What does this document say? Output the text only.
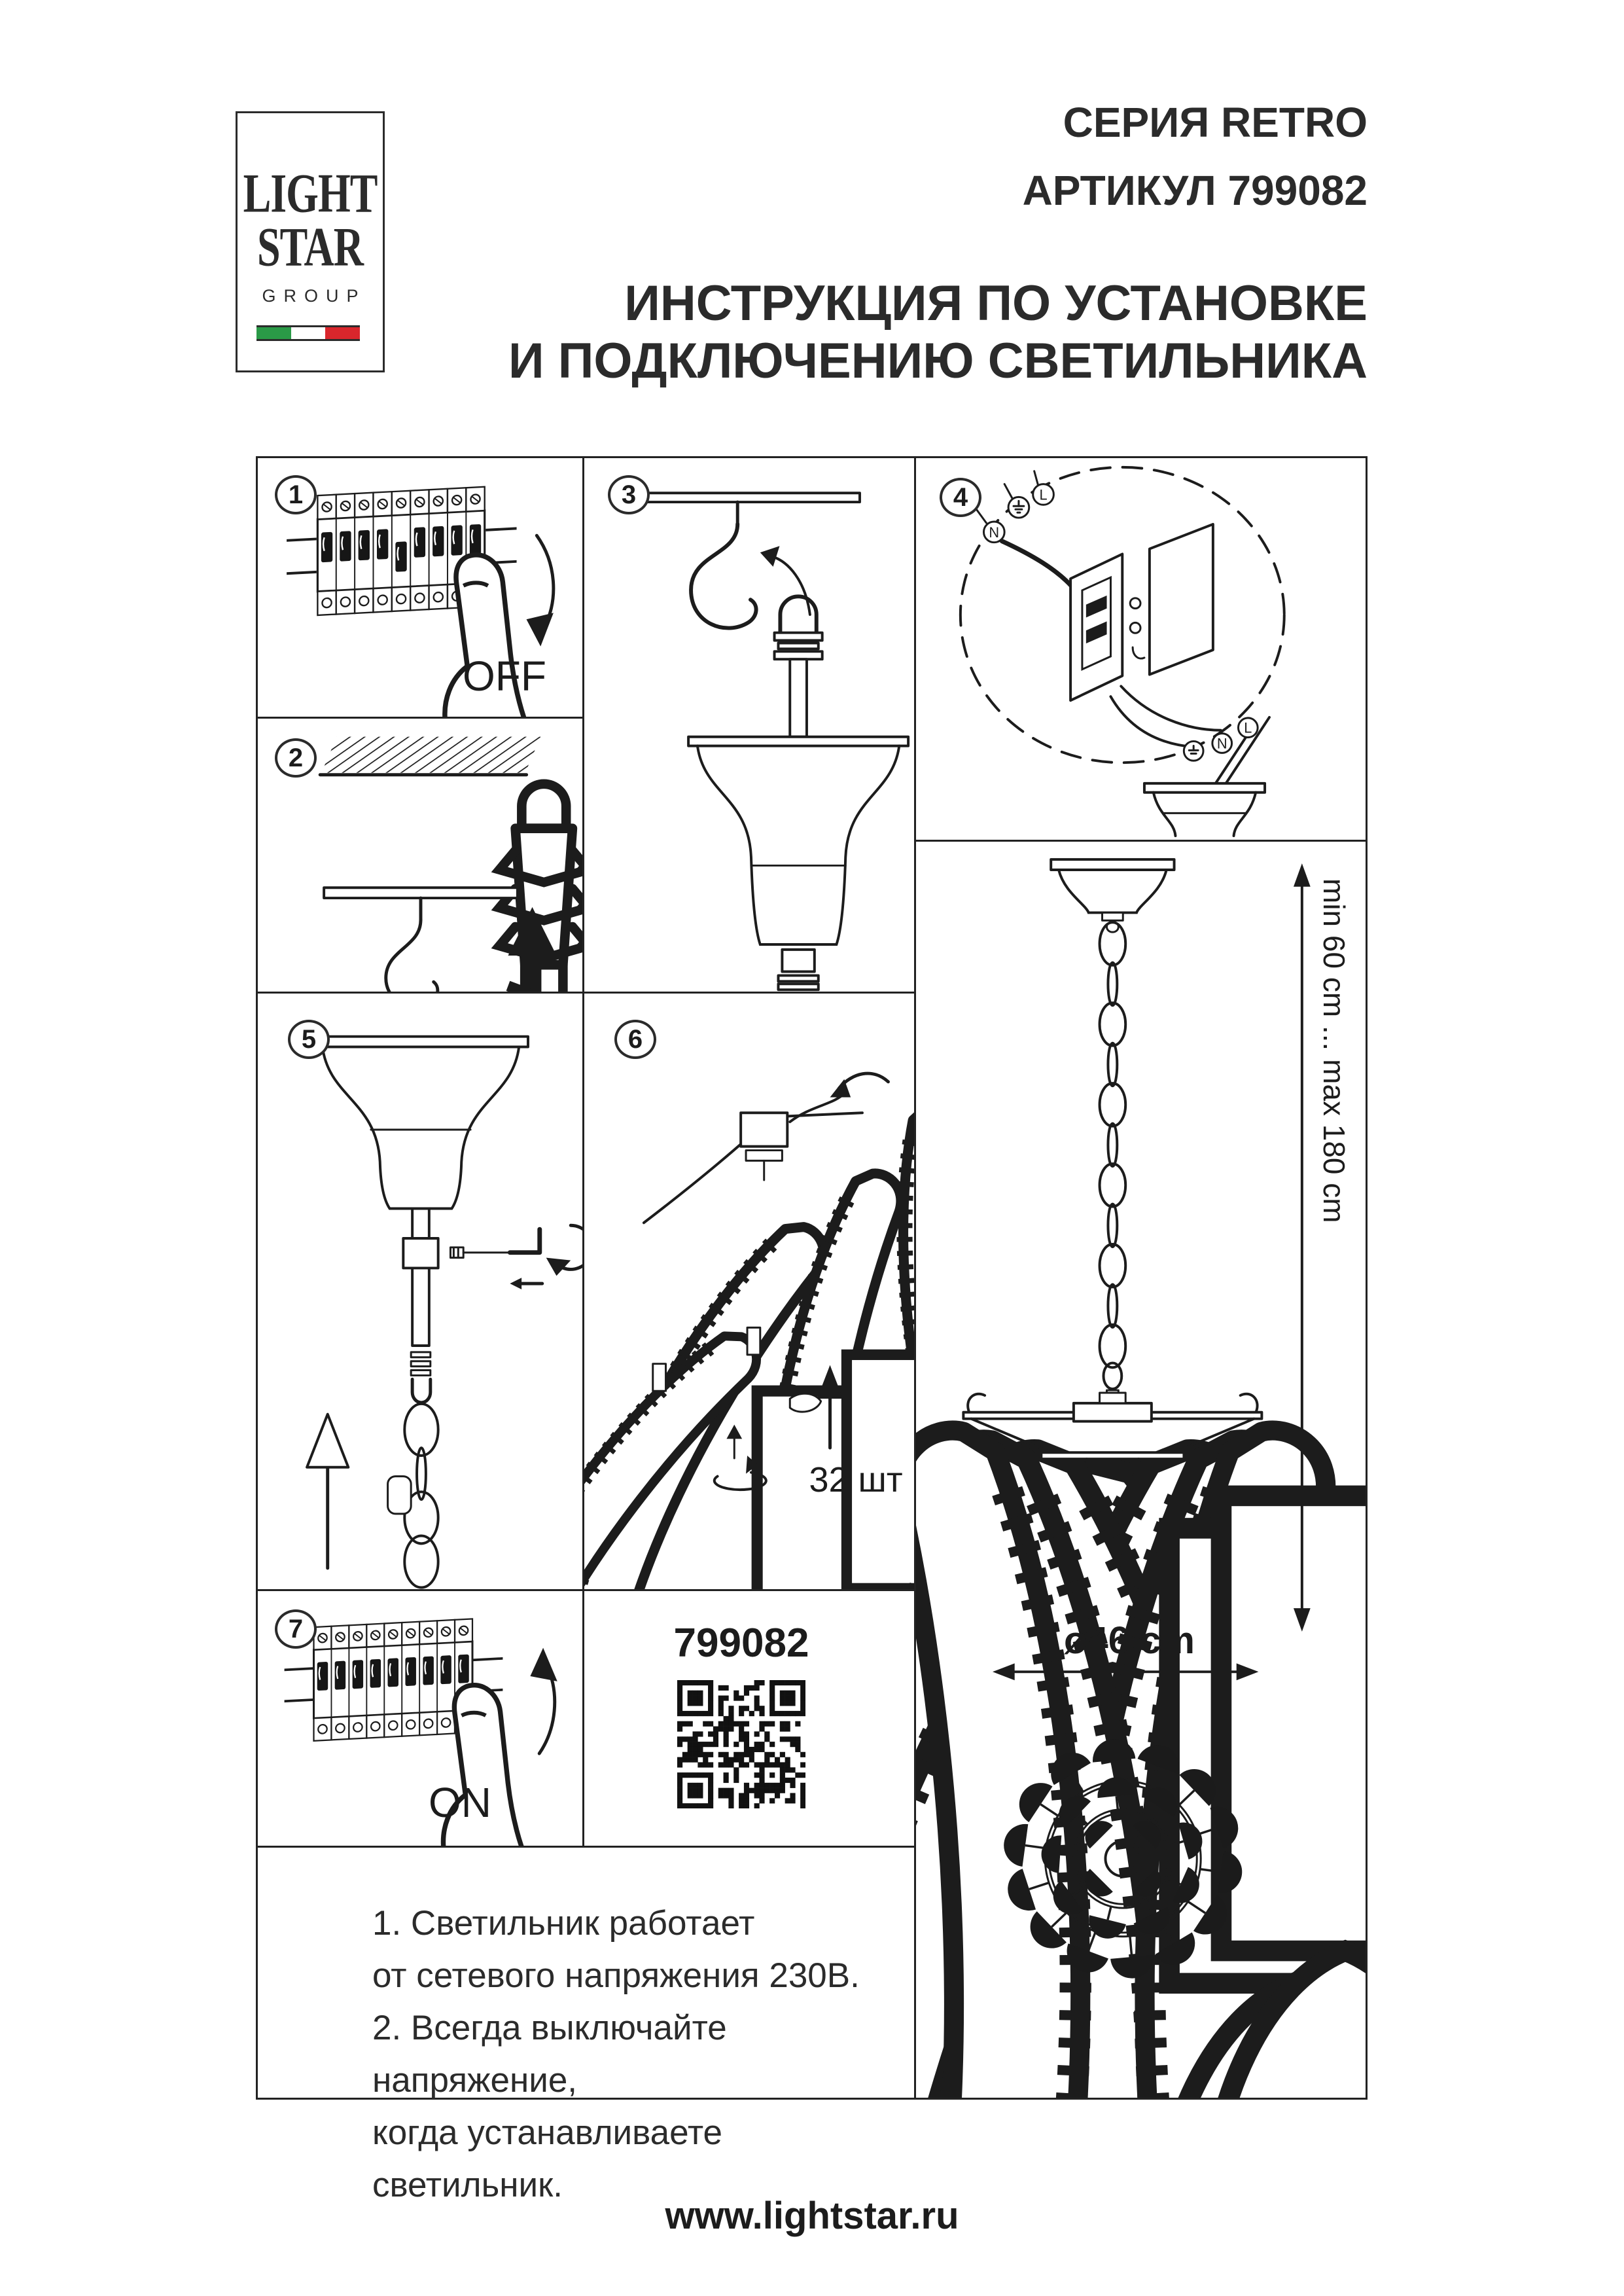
LIGHT
STAR
GROUP
СЕРИЯ RETRO
АРТИКУЛ 799082
ИНСТРУКЦИЯ ПО УСТАНОВКЕ
И ПОДКЛЮЧЕНИЮ СВЕТИЛЬНИКА
1
OFF
2
3	4
N
L
N
L
5	6
32 шт
7
ON
799082
1. Светильник работает
от сетевого напряжения 230В.
2. Всегда выключайте напряжение,
когда устанавливаете светильник.
min 60 cm ... max 180 cm
ø46 cm
www.lightstar.ru
